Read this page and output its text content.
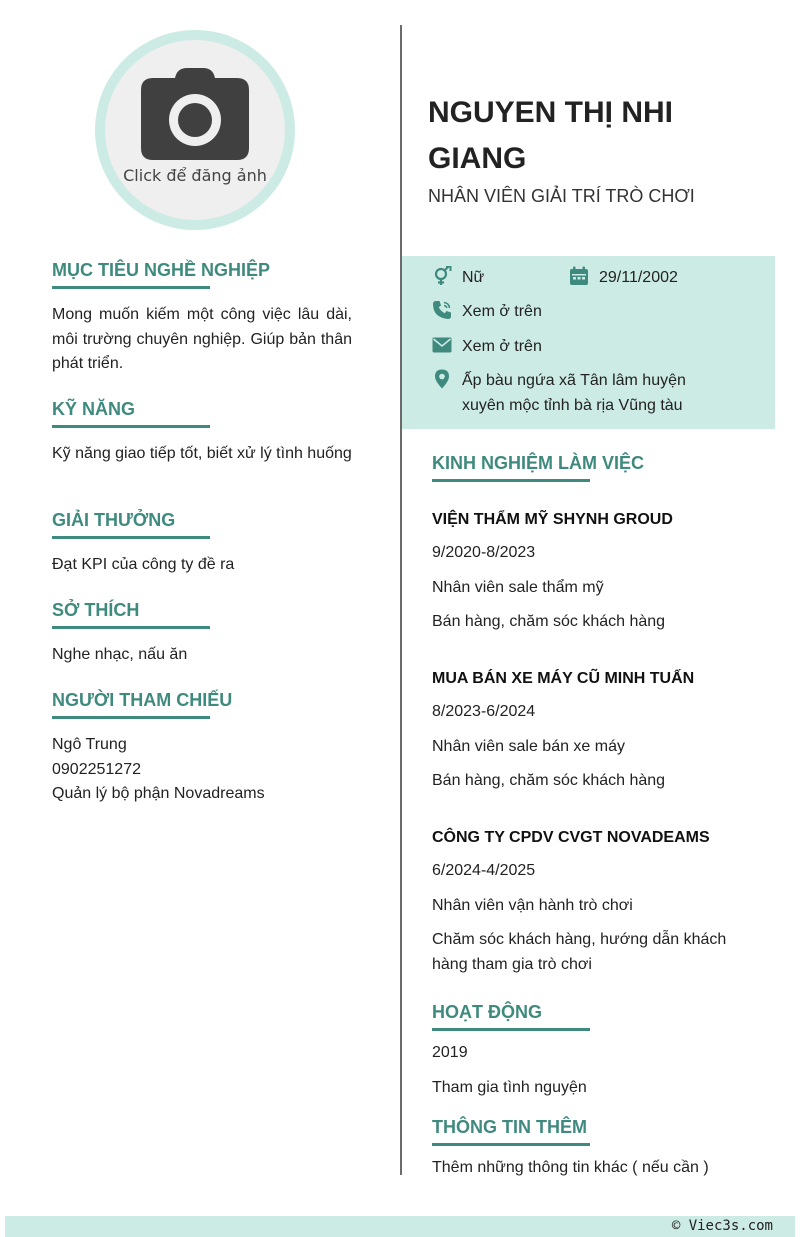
Click để đăng ảnh
MỤC TIÊU NGHỀ NGHIỆP
Mong muốn kiếm một công việc lâu dài, môi trường chuyên nghiệp. Giúp bản thân phát triển.
KỸ NĂNG
Kỹ năng giao tiếp tốt, biết xử lý tình huống
GIẢI THƯỞNG
Đạt KPI của công ty đề ra
SỞ THÍCH
Nghe nhạc, nấu ăn
NGƯỜI THAM CHIẾU
Ngô Trung
0902251272
Quản lý bộ phận Novadreams
NGUYEN THỊ NHI GIANG
NHÂN VIÊN GIẢI TRÍ TRÒ CHƠI
Nữ	29/11/2002
Xem ở trên
Xem ở trên
Ấp bàu ngứa xã Tân lâm huyện xuyên mộc tỉnh bà rịa Vũng tàu
KINH NGHIỆM LÀM VIỆC
VIỆN THẨM MỸ SHYNH GROUD
9/2020-8/2023
Nhân viên sale thẩm mỹ
Bán hàng, chăm sóc khách hàng
MUA BÁN XE MÁY CŨ MINH TUẤN
8/2023-6/2024
Nhân viên sale bán xe máy
Bán hàng, chăm sóc khách hàng
CÔNG TY CPDV CVGT NOVADEAMS
6/2024-4/2025
Nhân viên vận hành trò chơi
Chăm sóc khách hàng, hướng dẫn khách hàng tham gia trò chơi
HOẠT ĐỘNG
2019
Tham gia tình nguyện
THÔNG TIN THÊM
Thêm những thông tin khác ( nếu cần )
© Viec3s.com
